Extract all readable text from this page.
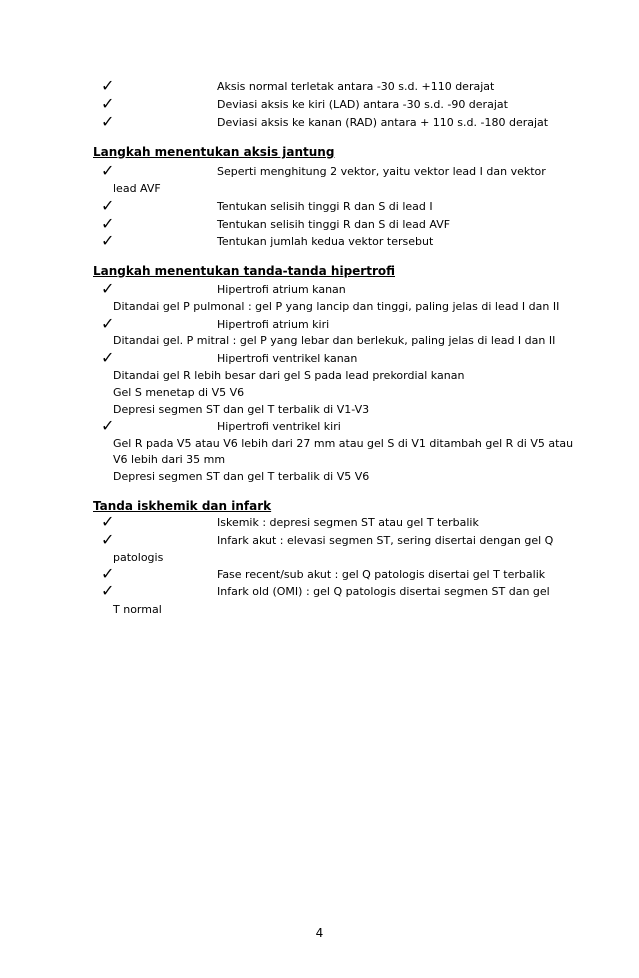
✓	Aksis normal terletak antara -30 s.d. +110 derajat
✓	Deviasi aksis ke kiri (LAD) antara -30 s.d. -90 derajat
✓	Deviasi aksis ke kanan (RAD) antara + 110 s.d. -180 derajat
Langkah menentukan aksis jantung
✓	Seperti menghitung 2 vektor, yaitu vektor lead I dan vektor
lead AVF
✓	Tentukan selisih tinggi R dan S di lead I
✓	Tentukan selisih tinggi R dan S di lead AVF
✓	Tentukan jumlah kedua vektor tersebut
Langkah menentukan tanda-tanda hipertrofi
✓	Hipertrofi atrium kanan
Ditandai gel P pulmonal : gel P yang lancip dan tinggi, paling jelas di lead I dan II
✓	Hipertrofi atrium kiri
Ditandai gel. P mitral : gel P yang lebar dan berlekuk, paling jelas di lead I dan II
✓	Hipertrofi ventrikel kanan
Ditandai gel R lebih besar dari gel S pada lead prekordial kanan
Gel S menetap di V5 V6
Depresi segmen ST dan gel T terbalik di V1-V3
✓	Hipertrofi ventrikel kiri
Gel R pada V5 atau V6 lebih dari 27 mm atau gel S di V1 ditambah gel R di V5 atau
V6 lebih dari 35 mm
Depresi segmen ST dan gel T terbalik di V5 V6
Tanda iskhemik dan infark
✓	Iskemik : depresi segmen ST atau gel T terbalik
✓	Infark akut : elevasi segmen ST, sering disertai dengan gel Q
patologis
✓	Fase recent/sub akut : gel Q patologis disertai gel T terbalik
✓	Infark old (OMI) : gel Q patologis disertai segmen ST dan gel
T normal
4
